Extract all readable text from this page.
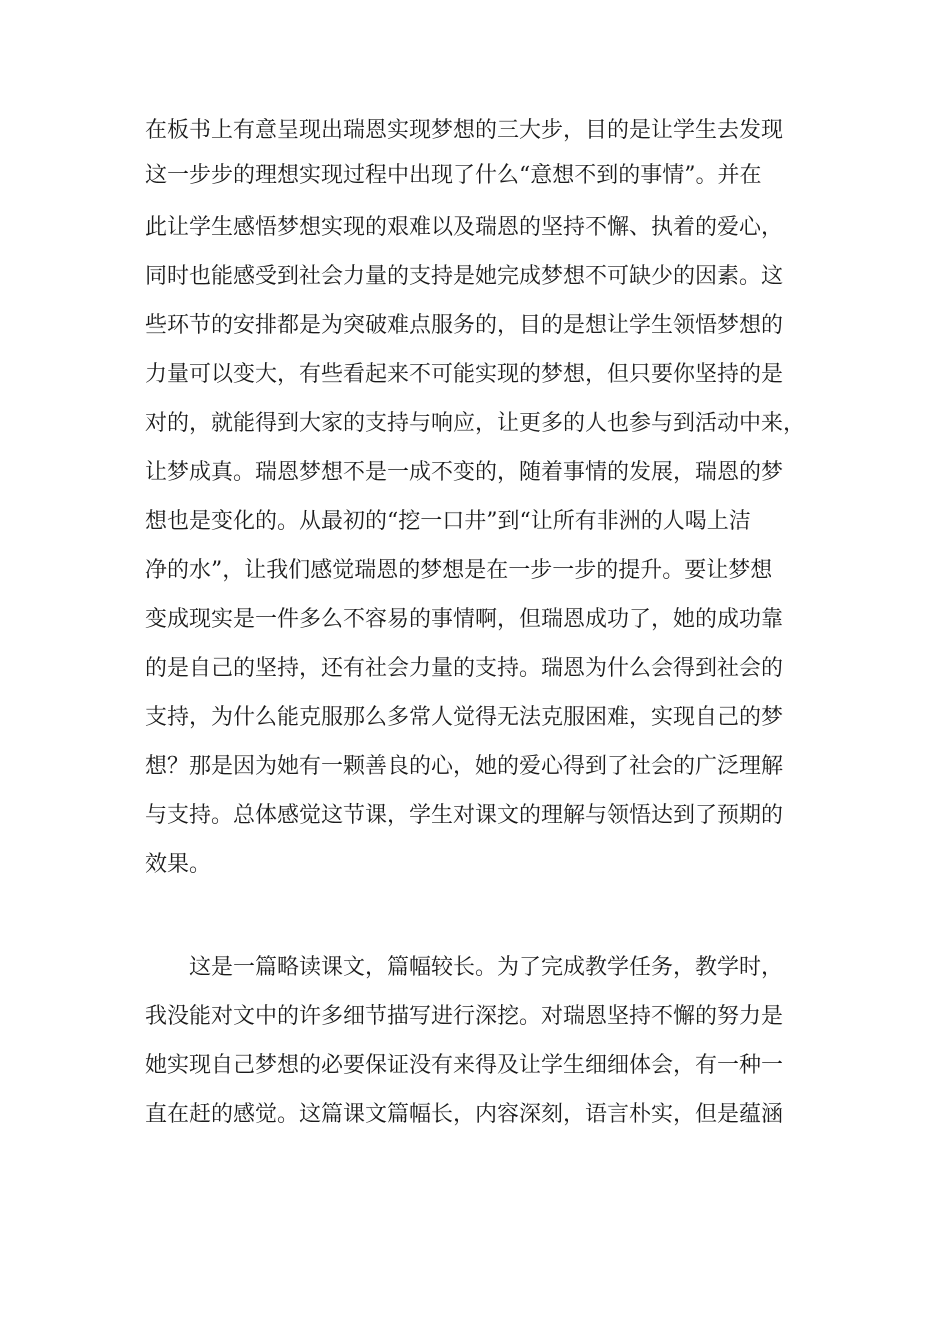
在板书上有意呈现出瑞恩实现梦想的三大步，目的是让学生去发现
这一步步的理想实现过程中出现了什么“意想不到的事情”。并在
此让学生感悟梦想实现的艰难以及瑞恩的坚持不懈、执着的爱心，
同时也能感受到社会力量的支持是她完成梦想不可缺少的因素。这
些环节的安排都是为突破难点服务的，目的是想让学生领悟梦想的
力量可以变大，有些看起来不可能实现的梦想，但只要你坚持的是
对的，就能得到大家的支持与响应，让更多的人也参与到活动中来，
让梦成真。瑞恩梦想不是一成不变的，随着事情的发展，瑞恩的梦
想也是变化的。从最初的“挖一口井”到“让所有非洲的人喝上洁
净的水”，让我们感觉瑞恩的梦想是在一步一步的提升。要让梦想
变成现实是一件多么不容易的事情啊，但瑞恩成功了，她的成功靠
的是自己的坚持，还有社会力量的支持。瑞恩为什么会得到社会的
支持，为什么能克服那么多常人觉得无法克服困难，实现自己的梦
想？那是因为她有一颗善良的心，她的爱心得到了社会的广泛理解
与支持。总体感觉这节课，学生对课文的理解与领悟达到了预期的
效果。
这是一篇略读课文，篇幅较长。为了完成教学任务，教学时，
我没能对文中的许多细节描写进行深挖。对瑞恩坚持不懈的努力是
她实现自己梦想的必要保证没有来得及让学生细细体会，有一种一
直在赶的感觉。这篇课文篇幅长，内容深刻，语言朴实，但是蕴涵
